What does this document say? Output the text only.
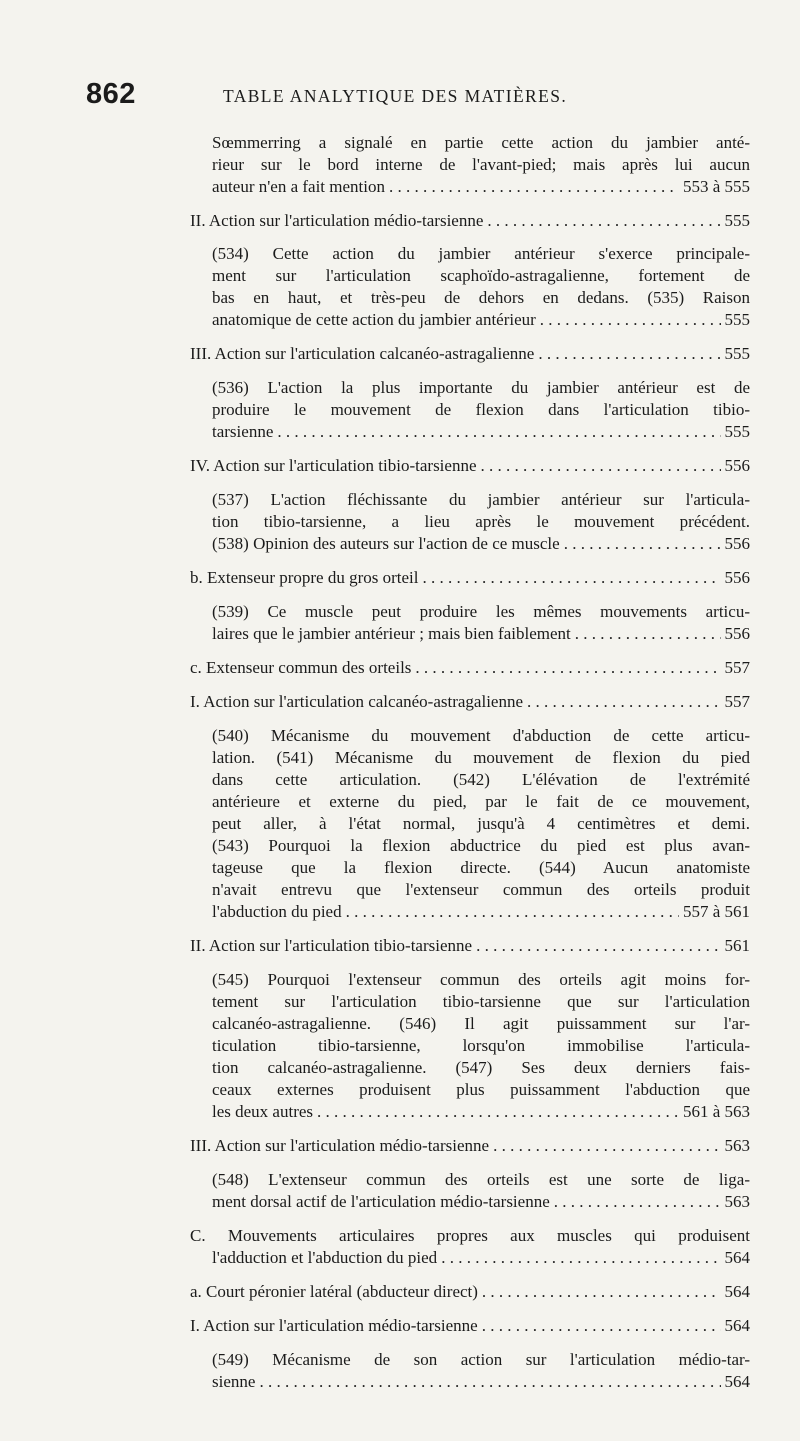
862	TABLE ANALYTIQUE DES MATIÈRES.
Sœmmerring a signalé en partie cette action du jambier anté-
rieur sur le bord interne de l'avant-pied; mais après lui aucun
auteur n'en a fait mention . . .	553 à 555
II. Action sur l'articulation médio-tarsienne . . .	555
(534) Cette action du jambier antérieur s'exerce principale-
ment sur l'articulation scaphoïdo-astragalienne, fortement de
bas en haut, et très-peu de dehors en dedans. (535) Raison
anatomique de cette action du jambier antérieur . . .	555
III. Action sur l'articulation calcanéo-astragalienne . . .	555
(536) L'action la plus importante du jambier antérieur est de
produire le mouvement de flexion dans l'articulation tibio-
tarsienne . . .	555
IV. Action sur l'articulation tibio-tarsienne . . .	556
(537) L'action fléchissante du jambier antérieur sur l'articula-
tion tibio-tarsienne, a lieu après le mouvement précédent.
(538) Opinion des auteurs sur l'action de ce muscle . . .	556
b. Extenseur propre du gros orteil . . .	556
(539) Ce muscle peut produire les mêmes mouvements articu-
laires que le jambier antérieur ; mais bien faiblement . . .	556
c. Extenseur commun des orteils . . .	557
I. Action sur l'articulation calcanéo-astragalienne . . .	557
(540) Mécanisme du mouvement d'abduction de cette articu-
lation. (541) Mécanisme du mouvement de flexion du pied
dans cette articulation. (542) L'élévation de l'extrémité
antérieure et externe du pied, par le fait de ce mouvement,
peut aller, à l'état normal, jusqu'à 4 centimètres et demi.
(543) Pourquoi la flexion abductrice du pied est plus avan-
tageuse que la flexion directe. (544) Aucun anatomiste
n'avait entrevu que l'extenseur commun des orteils produit
l'abduction du pied . . .	557 à 561
II. Action sur l'articulation tibio-tarsienne . . .	561
(545) Pourquoi l'extenseur commun des orteils agit moins for-
tement sur l'articulation tibio-tarsienne que sur l'articulation
calcanéo-astragalienne. (546) Il agit puissamment sur l'ar-
ticulation tibio-tarsienne, lorsqu'on immobilise l'articula-
tion calcanéo-astragalienne. (547) Ses deux derniers fais-
ceaux externes produisent plus puissamment l'abduction que
les deux autres . . .	561 à 563
III. Action sur l'articulation médio-tarsienne . . .	563
(548) L'extenseur commun des orteils est une sorte de liga-
ment dorsal actif de l'articulation médio-tarsienne . . .	563
C. Mouvements articulaires propres aux muscles qui produisent
l'adduction et l'abduction du pied . . .	564
a. Court péronier latéral (abducteur direct) . . .	564
I. Action sur l'articulation médio-tarsienne . . .	564
(549) Mécanisme de son action sur l'articulation médio-tar-
sienne . . .	564
